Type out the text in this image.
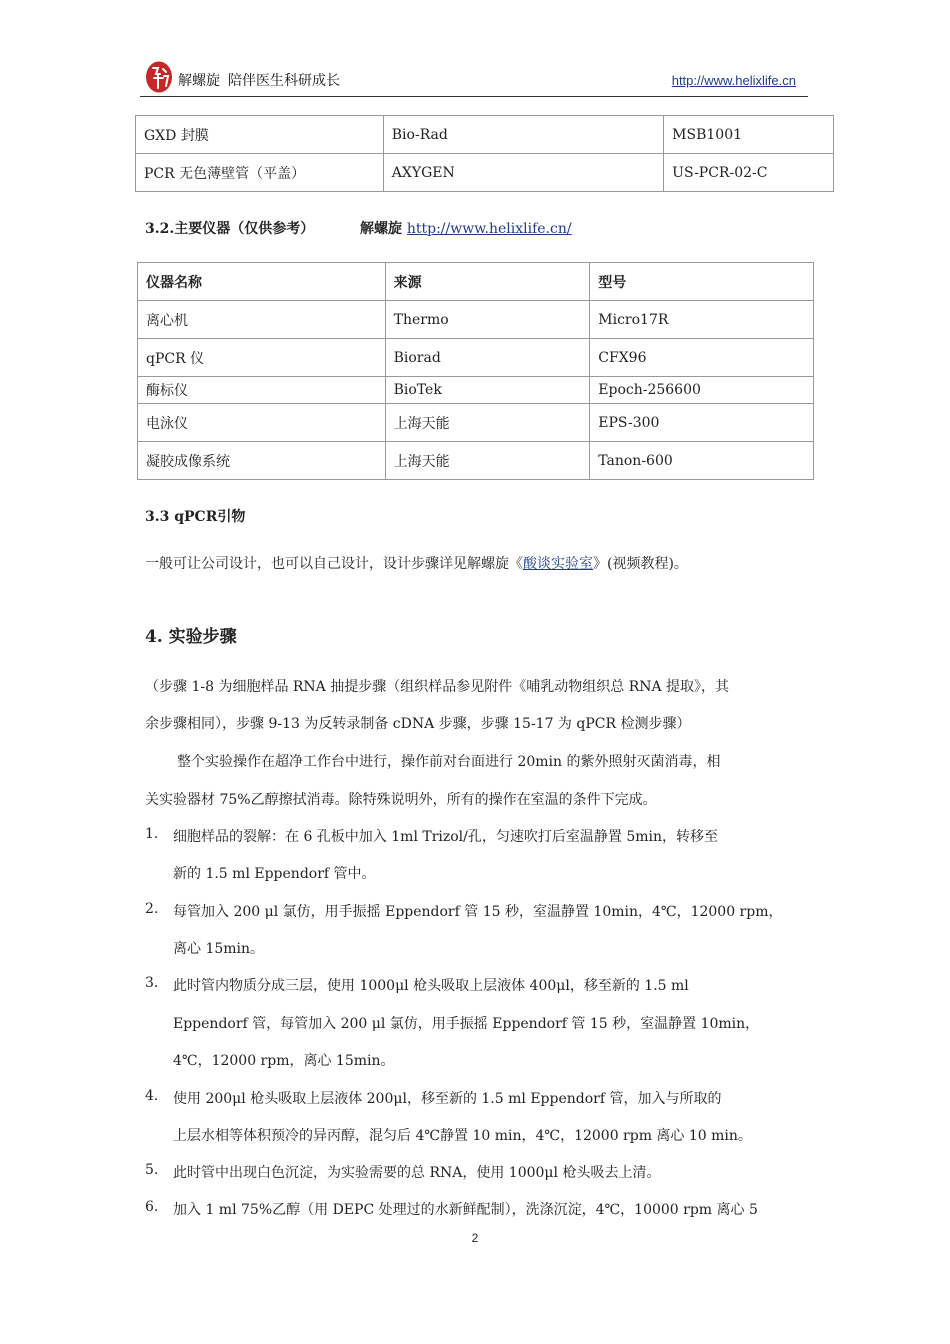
解螺旋 陪伴医生科研成长	http://www.helixlife.cn
GXD 封膜	Bio-Rad	MSB1001
PCR 无色薄壁管（平盖）	AXYGEN	US-PCR-02-C
3.2.主要仪器（仅供参考）	解螺旋 http://www.helixlife.cn/
仪器名称	来源	型号
离心机	Thermo	Micro17R
qPCR 仪	Biorad	CFX96
酶标仪	BioTek	Epoch-256600
电泳仪	上海天能	EPS-300
凝胶成像系统	上海天能	Tanon-600
3.3 qPCR引物
一般可让公司设计，也可以自己设计，设计步骤详见解螺旋《酸谈实验室》(视频教程)。
4. 实验步骤
（步骤 1-8 为细胞样品 RNA 抽提步骤（组织样品参见附件《哺乳动物组织总 RNA 提取》，其
余步骤相同），步骤 9-13 为反转录制备 cDNA 步骤，步骤 15-17 为 qPCR 检测步骤）
整个实验操作在超净工作台中进行，操作前对台面进行 20min 的紫外照射灭菌消毒，相
关实验器材 75%乙醇擦拭消毒。除特殊说明外，所有的操作在室温的条件下完成。
1. 细胞样品的裂解：在 6 孔板中加入 1ml Trizol/孔，匀速吹打后室温静置 5min，转移至
新的 1.5 ml Eppendorf 管中。
2. 每管加入 200 μl 氯仿，用手振摇 Eppendorf 管 15 秒，室温静置 10min，4℃，12000 rpm，
离心 15min。
3. 此时管内物质分成三层，使用 1000μl 枪头吸取上层液体 400μl，移至新的 1.5 ml
Eppendorf 管，每管加入 200 μl 氯仿，用手振摇 Eppendorf 管 15 秒，室温静置 10min，
4℃，12000 rpm，离心 15min。
4. 使用 200μl 枪头吸取上层液体 200μl，移至新的 1.5 ml Eppendorf 管，加入与所取的
上层水相等体积预冷的异丙醇，混匀后 4℃静置 10 min，4℃，12000 rpm 离心 10 min。
5. 此时管中出现白色沉淀，为实验需要的总 RNA，使用 1000μl 枪头吸去上清。
6. 加入 1 ml 75%乙醇（用 DEPC 处理过的水新鲜配制），洗涤沉淀，4℃，10000 rpm 离心 5
2
